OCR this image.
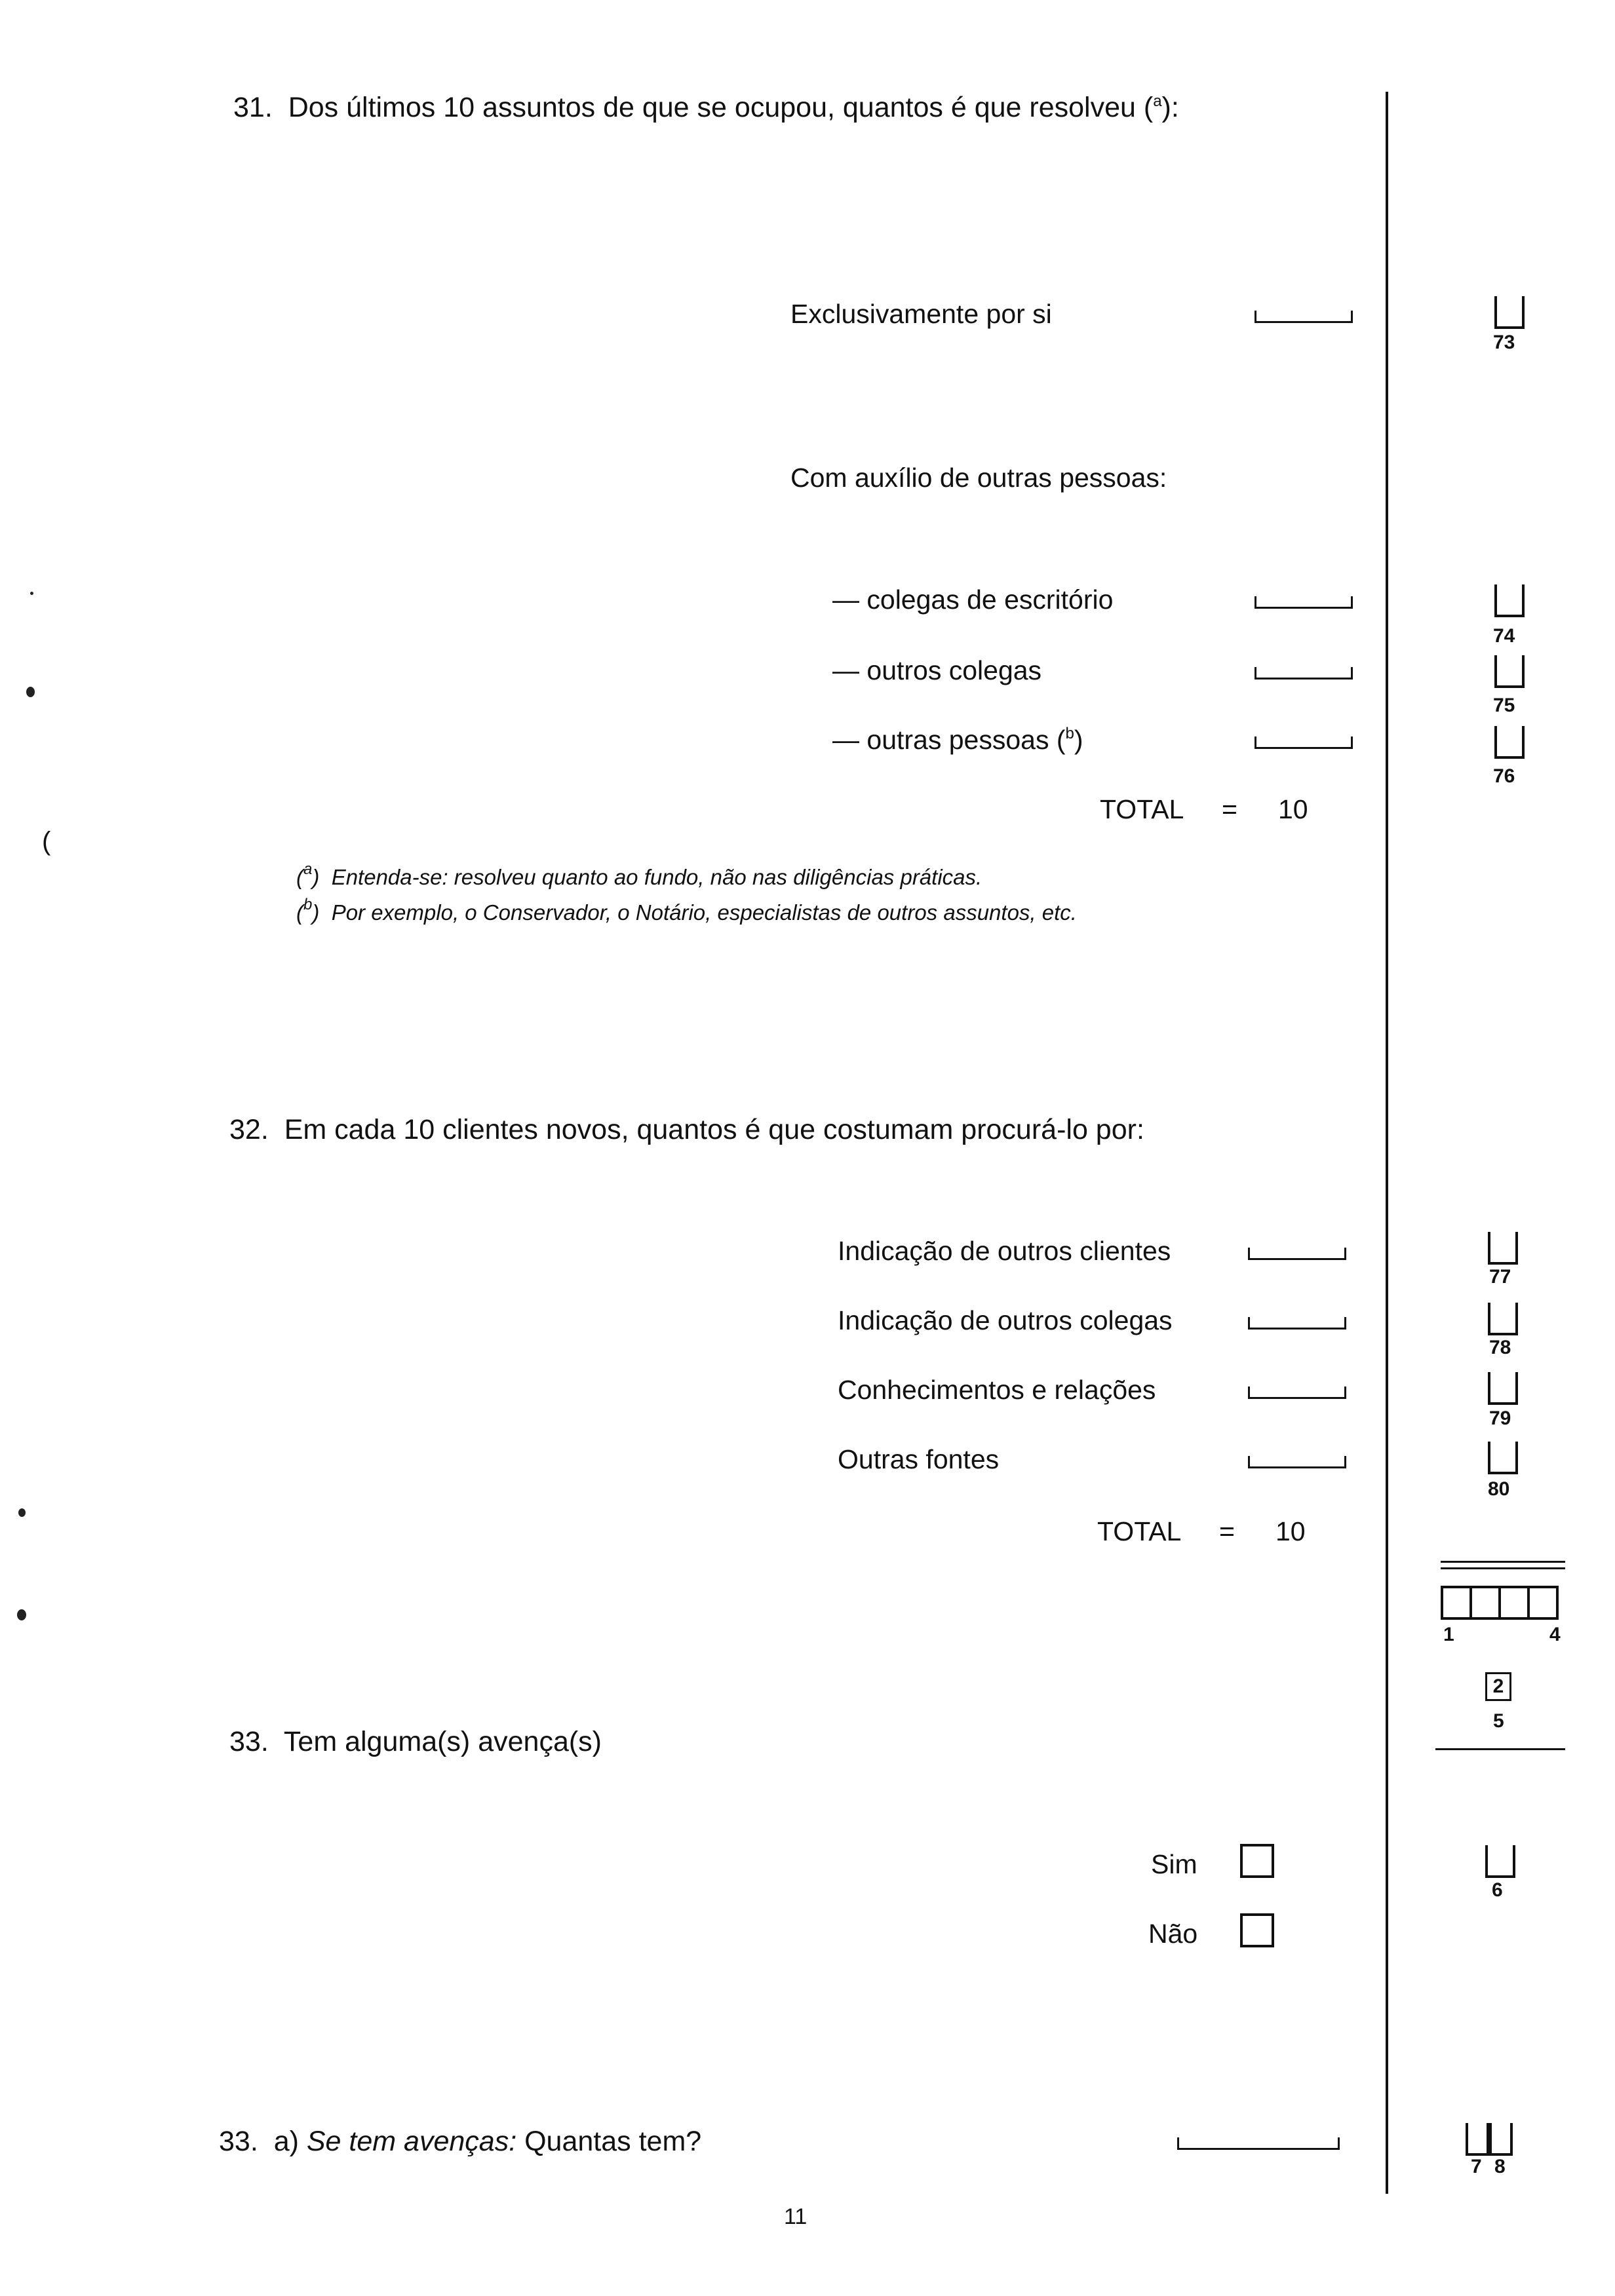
(
31. Dos últimos 10 assuntos de que se ocupou, quantos é que resolveu ($^a$):
Exclusivamente por si
Com auxílio de outras pessoas:
— colegas de escritório
— outros colegas
— outras pessoas ($^b$)
TOTAL = 10
($^a$)  Entenda-se: resolveu quanto ao fundo, não nas diligências práticas.
($^b$)  Por exemplo, o Conservador, o Notário, especialistas de outros assuntos, etc.
73
74
75
76
32. Em cada 10 clientes novos, quantos é que costumam procurá-lo por:
Indicação de outros clientes
Indicação de outros colegas
Conhecimentos e relações
Outras fontes
TOTAL = 10
77
78
79
80
1	4
2
5
33. Tem alguma(s) avença(s)
Sim
Não
6
33. a) Se tem avenças: Quantas tem?
7 8
11
